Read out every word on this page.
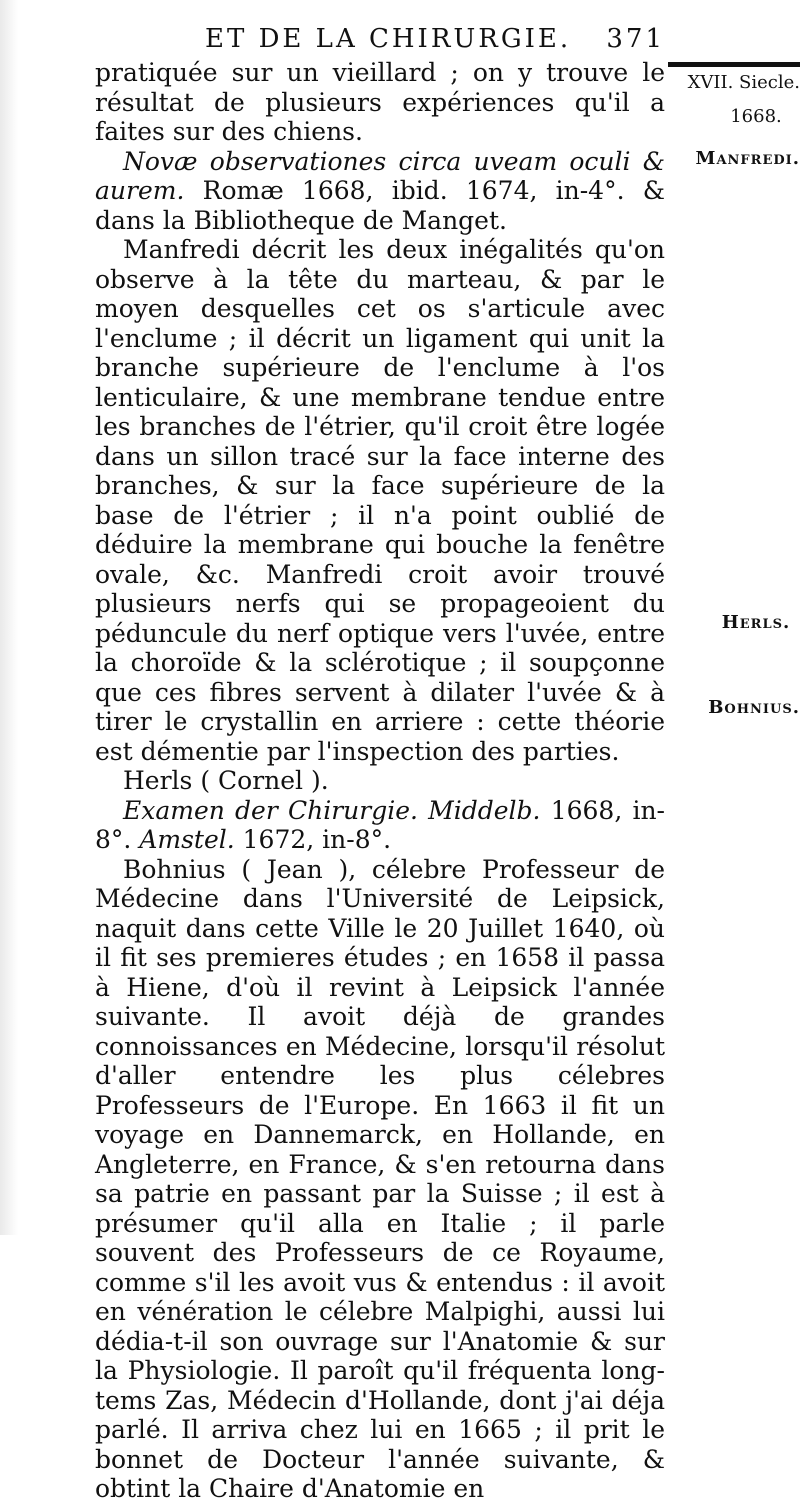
ET DE LA CHIRURGIE. 371
XVII. Siecle.
1668.
Manfredi.
Herls.
Bohnius.

pratiquée sur un vieillard ; on y trouve le résultat de plusieurs expériences qu'il a faites sur des chiens.

Novæ observationes circa uveam oculi & aurem. Romæ 1668, ibid. 1674, in-4°. & dans la Bibliotheque de Manget.

Manfredi décrit les deux inégalités qu'on observe à la tête du marteau, & par le moyen desquelles cet os s'articule avec l'enclume ; il décrit un ligament qui unit la branche supérieure de l'enclume à l'os lenticulaire, & une membrane tendue entre les branches de l'étrier, qu'il croit être logée dans un sillon tracé sur la face interne des branches, & sur la face supérieure de la base de l'étrier ; il n'a point oublié de déduire la membrane qui bouche la fenêtre ovale, &c. Manfredi croit avoir trouvé plusieurs nerfs qui se propageoient du péduncule du nerf optique vers l'uvée, entre la choroïde & la sclérotique ; il soupçonne que ces fibres servent à dilater l'uvée & à tirer le crystallin en arriere : cette théorie est démentie par l'inspection des parties.

Herls ( Cornel ).

Examen der Chirurgie. Middelb. 1668, in-8°. Amstel. 1672, in-8°.

Bohnius ( Jean ), célebre Professeur de Médecine dans l'Université de Leipsick, naquit dans cette Ville le 20 Juillet 1640, où il fit ses premieres études ; en 1658 il passa à Hiene, d'où il revint à Leipsick l'année suivante. Il avoit déjà de grandes connoissances en Médecine, lorsqu'il résolut d'aller entendre les plus célebres Professeurs de l'Europe. En 1663 il fit un voyage en Dannemarck, en Hollande, en Angleterre, en France, & s'en retourna dans sa patrie en passant par la Suisse ; il est à présumer qu'il alla en Italie ; il parle souvent des Professeurs de ce Royaume, comme s'il les avoit vus & entendus : il avoit en vénération le célebre Malpighi, aussi lui dédia-t-il son ouvrage sur l'Anatomie & sur la Physiologie. Il paroît qu'il fréquenta long-tems Zas, Médecin d'Hollande, dont j'ai déja parlé. Il arriva chez lui en 1665 ; il prit le bonnet de Docteur l'année suivante, & obtint la Chaire d'Anatomie en
